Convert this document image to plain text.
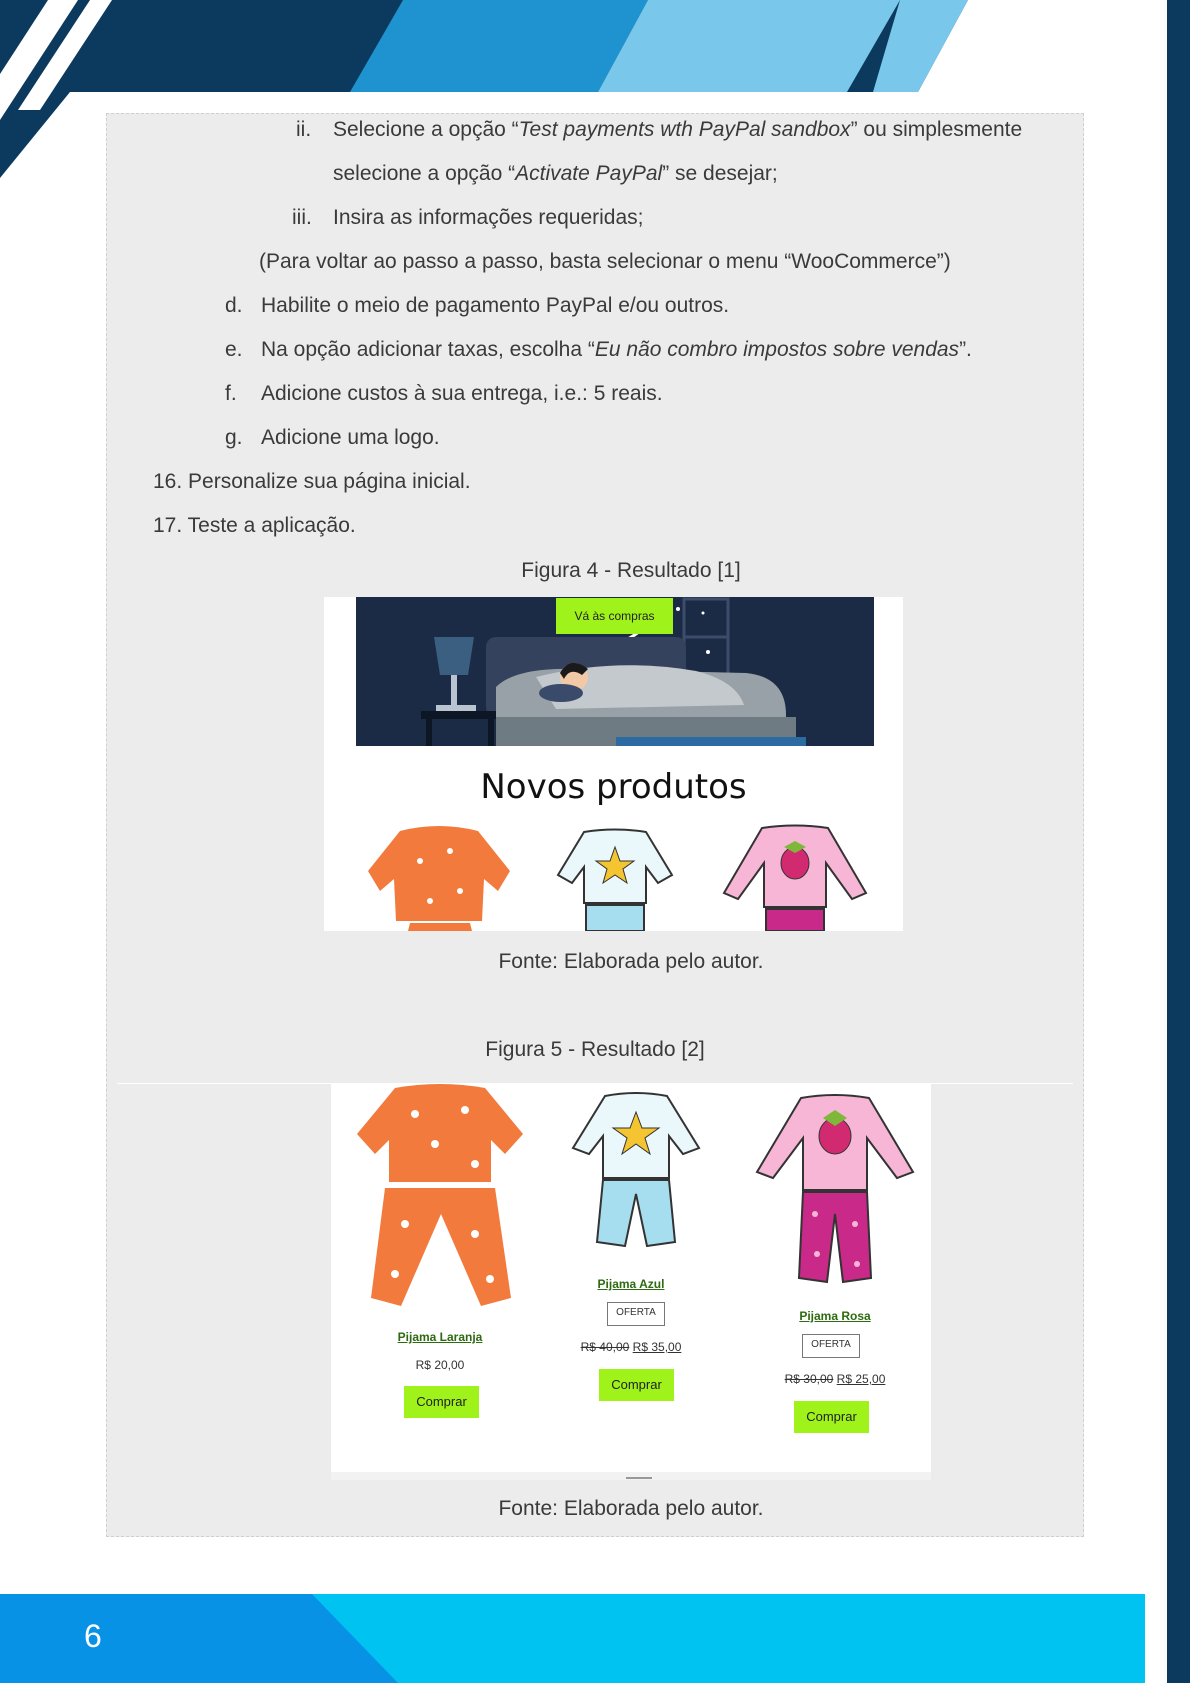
ii. Selecione a opção “Test payments wth PayPal sandbox” ou simplesmente
selecione a opção “Activate PayPal” se desejar;
iii. Insira as informações requeridas;
(Para voltar ao passo a passo, basta selecionar o menu “WooCommerce”)
d. Habilite o meio de pagamento PayPal e/ou outros.
e. Na opção adicionar taxas, escolha “Eu não combro impostos sobre vendas”.
f. Adicione custos à sua entrega, i.e.: 5 reais.
g. Adicione uma logo.
16. Personalize sua página inicial.
17. Teste a aplicação.
Figura 4 - Resultado [1]
Vá às compras
Novos produtos
Fonte: Elaborada pelo autor.
Figura 5 - Resultado [2]
Pijama Laranja
R$ 20,00
Comprar
Pijama Azul
OFERTA
R$ 40,00 R$ 35,00
Comprar
Pijama Rosa
OFERTA
R$ 30,00 R$ 25,00
Comprar
Fonte: Elaborada pelo autor.
6
